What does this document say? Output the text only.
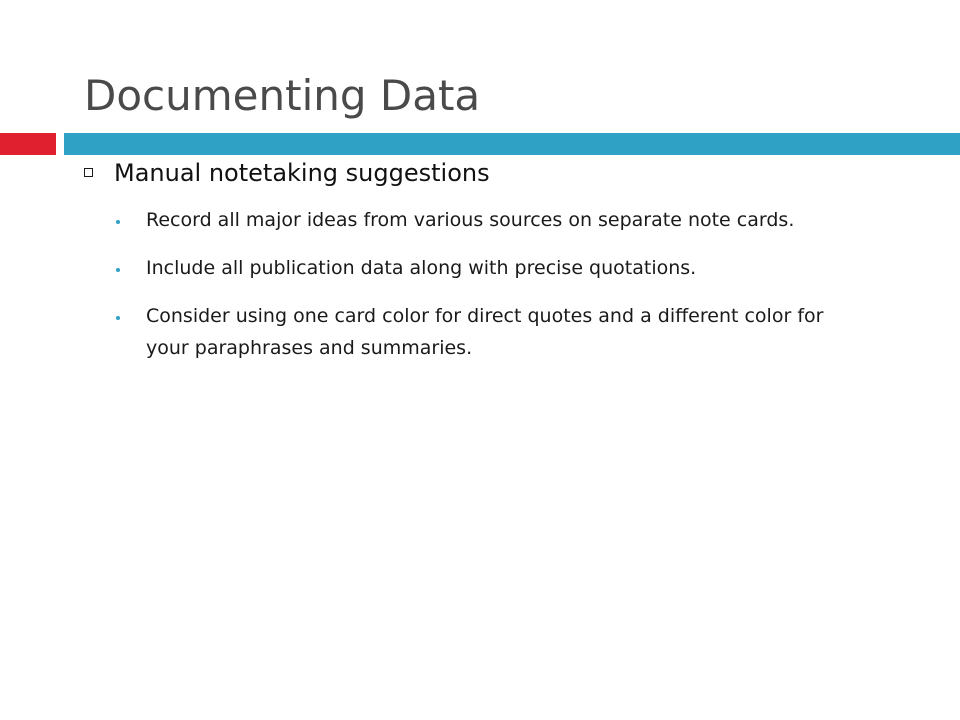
Documenting Data
Manual notetaking suggestions
Record all major ideas from various sources on separate note cards.
Include all publication data along with precise quotations.
Consider using one card color for direct quotes and a different color for your paraphrases and summaries.
